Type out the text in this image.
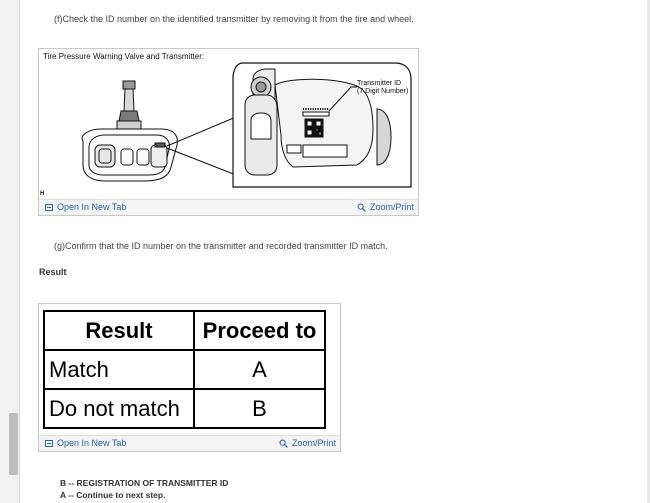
(f)Check the ID number on the identified transmitter by removing it from the tire and wheel.
Tire Pressure Warning Valve and Transmitter:
Transmitter ID
(7 Digit Number)
H
Open In New Tab	Zoom/Print
(g)Confirm that the ID number on the transmitter and recorded transmitter ID match.
Result
Result	Proceed to
Match	A
Do not match	B
Open In New Tab	Zoom/Print
B -- REGISTRATION OF TRANSMITTER ID
A -- Continue to next step.
